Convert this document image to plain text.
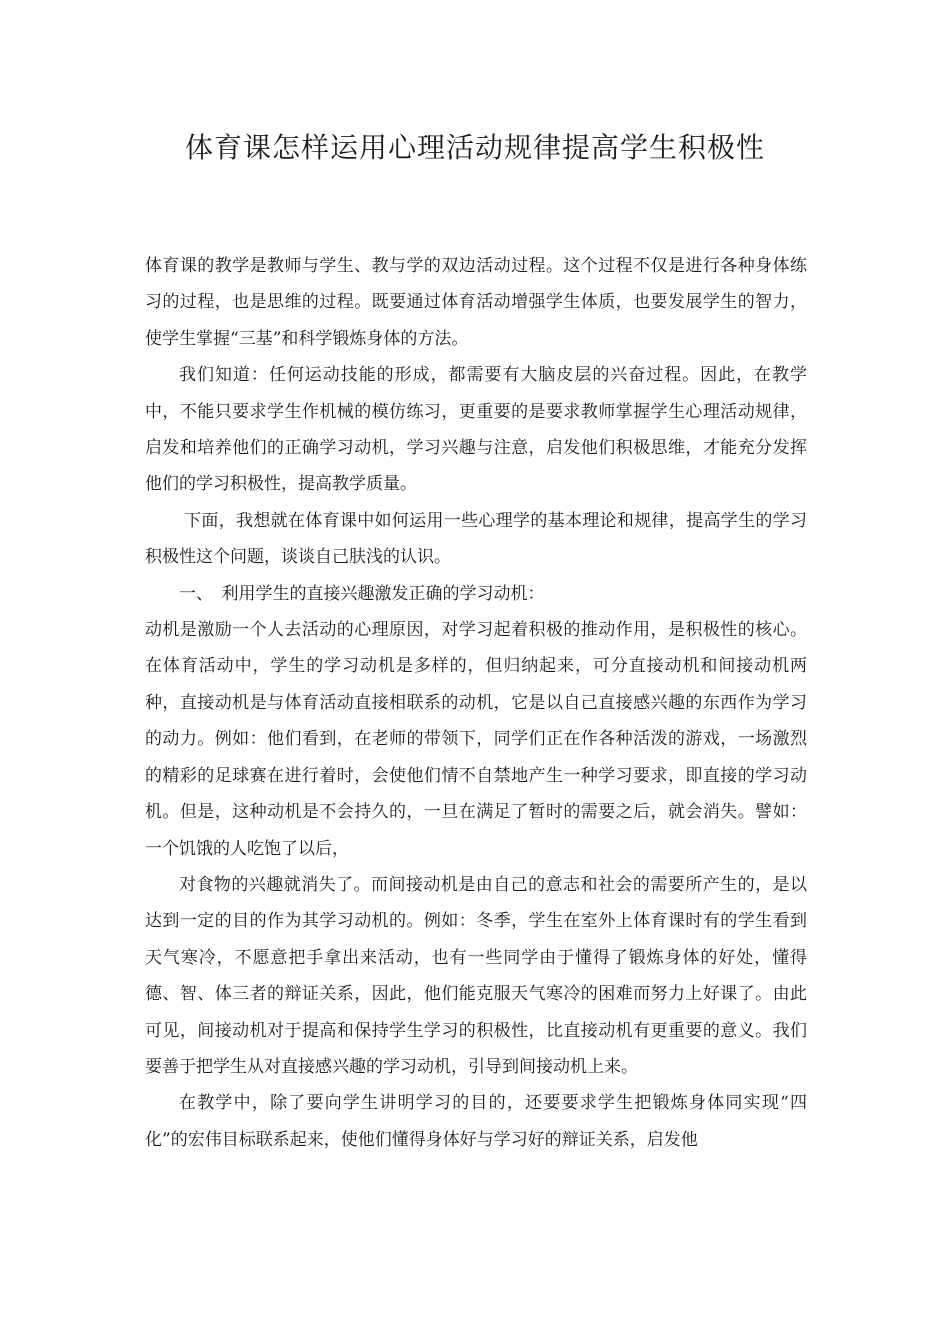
体育课怎样运用心理活动规律提高学生积极性

体育课的教学是教师与学生、教与学的双边活动过程。这个过程不仅是进行各种身体练习的过程，也是思维的过程。既要通过体育活动增强学生体质，也要发展学生的智力，使学生掌握“三基”和科学锻炼身体的方法。

我们知道：任何运动技能的形成，都需要有大脑皮层的兴奋过程。因此，在教学中，不能只要求学生作机械的模仿练习，更重要的是要求教师掌握学生心理活动规律，启发和培养他们的正确学习动机，学习兴趣与注意，启发他们积极思维，才能充分发挥他们的学习积极性，提高教学质量。

下面，我想就在体育课中如何运用一些心理学的基本理论和规律，提高学生的学习积极性这个问题，谈谈自己肤浅的认识。

一、　利用学生的直接兴趣激发正确的学习动机：

动机是激励一个人去活动的心理原因，对学习起着积极的推动作用，是积极性的核心。在体育活动中，学生的学习动机是多样的，但归纳起来，可分直接动机和间接动机两种，直接动机是与体育活动直接相联系的动机，它是以自己直接感兴趣的东西作为学习的动力。例如：他们看到，在老师的带领下，同学们正在作各种活泼的游戏，一场激烈的精彩的足球赛在进行着时，会使他们情不自禁地产生一种学习要求，即直接的学习动机。但是，这种动机是不会持久的，一旦在满足了暂时的需要之后，就会消失。譬如：一个饥饿的人吃饱了以后，

对食物的兴趣就消失了。而间接动机是由自己的意志和社会的需要所产生的，是以达到一定的目的作为其学习动机的。例如：冬季，学生在室外上体育课时有的学生看到天气寒冷，不愿意把手拿出来活动，也有一些同学由于懂得了锻炼身体的好处，懂得德、智、体三者的辩证关系，因此，他们能克服天气寒冷的困难而努力上好课了。由此可见，间接动机对于提高和保持学生学习的积极性，比直接动机有更重要的意义。我们要善于把学生从对直接感兴趣的学习动机，引导到间接动机上来。

在教学中，除了要向学生讲明学习的目的，还要要求学生把锻炼身体同实现“四化”的宏伟目标联系起来，使他们懂得身体好与学习好的辩证关系，启发他
